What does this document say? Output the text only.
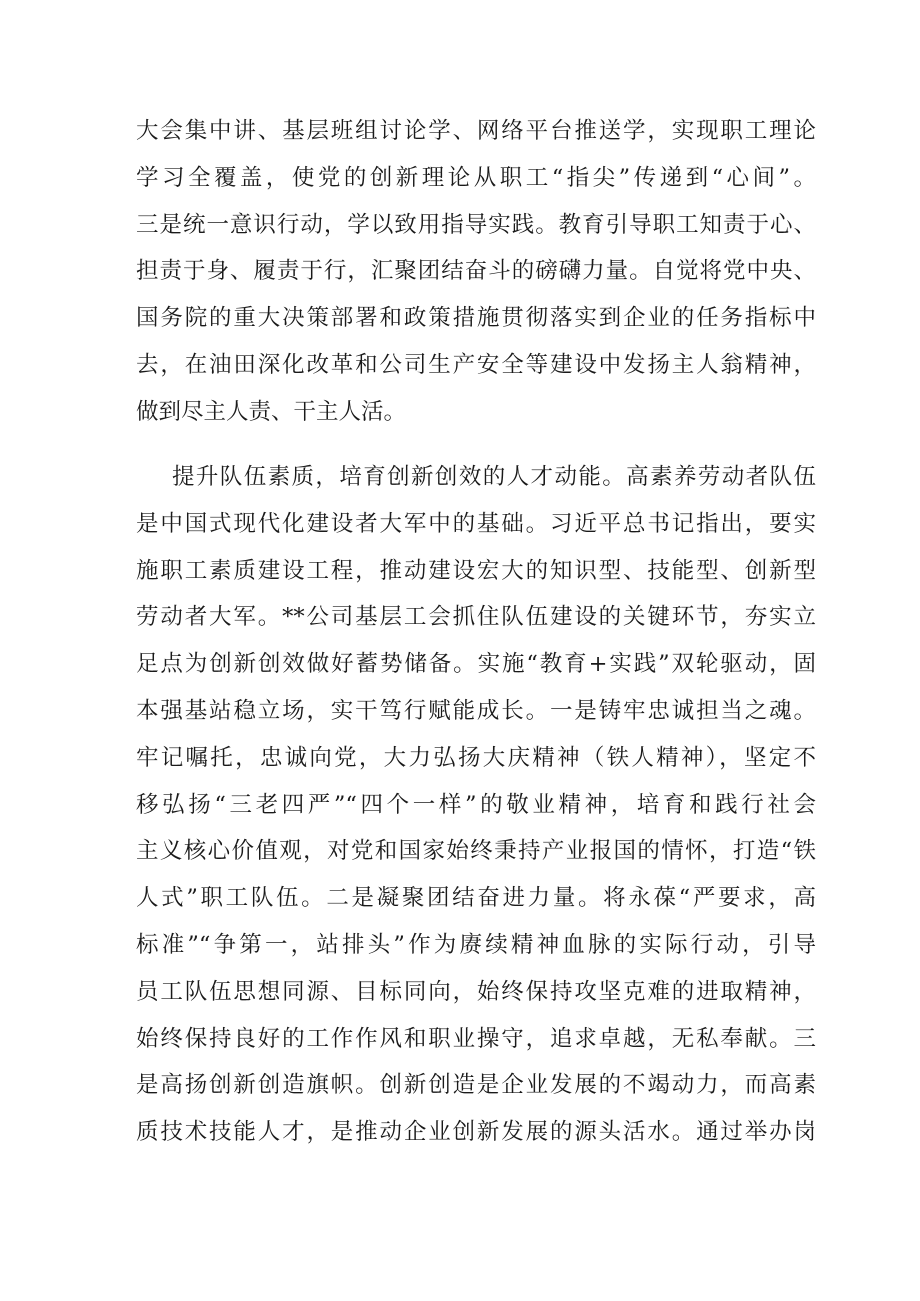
大会集中讲、基层班组讨论学、网络平台推送学，实现职工理论
学习全覆盖，使党的创新理论从职工“指尖”传递到“心间”。
三是统一意识行动，学以致用指导实践。教育引导职工知责于心、
担责于身、履责于行，汇聚团结奋斗的磅礴力量。自觉将党中央、
国务院的重大决策部署和政策措施贯彻落实到企业的任务指标中
去，在油田深化改革和公司生产安全等建设中发扬主人翁精神，
做到尽主人责、干主人活。
提升队伍素质，培育创新创效的人才动能。高素养劳动者队伍
是中国式现代化建设者大军中的基础。习近平总书记指出，要实
施职工素质建设工程，推动建设宏大的知识型、技能型、创新型
劳动者大军。**公司基层工会抓住队伍建设的关键环节，夯实立
足点为创新创效做好蓄势储备。实施“教育+实践”双轮驱动，固
本强基站稳立场，实干笃行赋能成长。一是铸牢忠诚担当之魂。
牢记嘱托，忠诚向党，大力弘扬大庆精神（铁人精神），坚定不
移弘扬“三老四严”“四个一样”的敬业精神，培育和践行社会
主义核心价值观，对党和国家始终秉持产业报国的情怀，打造“铁
人式”职工队伍。二是凝聚团结奋进力量。将永葆“严要求，高
标准”“争第一，站排头”作为赓续精神血脉的实际行动，引导
员工队伍思想同源、目标同向，始终保持攻坚克难的进取精神，
始终保持良好的工作作风和职业操守，追求卓越，无私奉献。三
是高扬创新创造旗帜。创新创造是企业发展的不竭动力，而高素
质技术技能人才，是推动企业创新发展的源头活水。通过举办岗
